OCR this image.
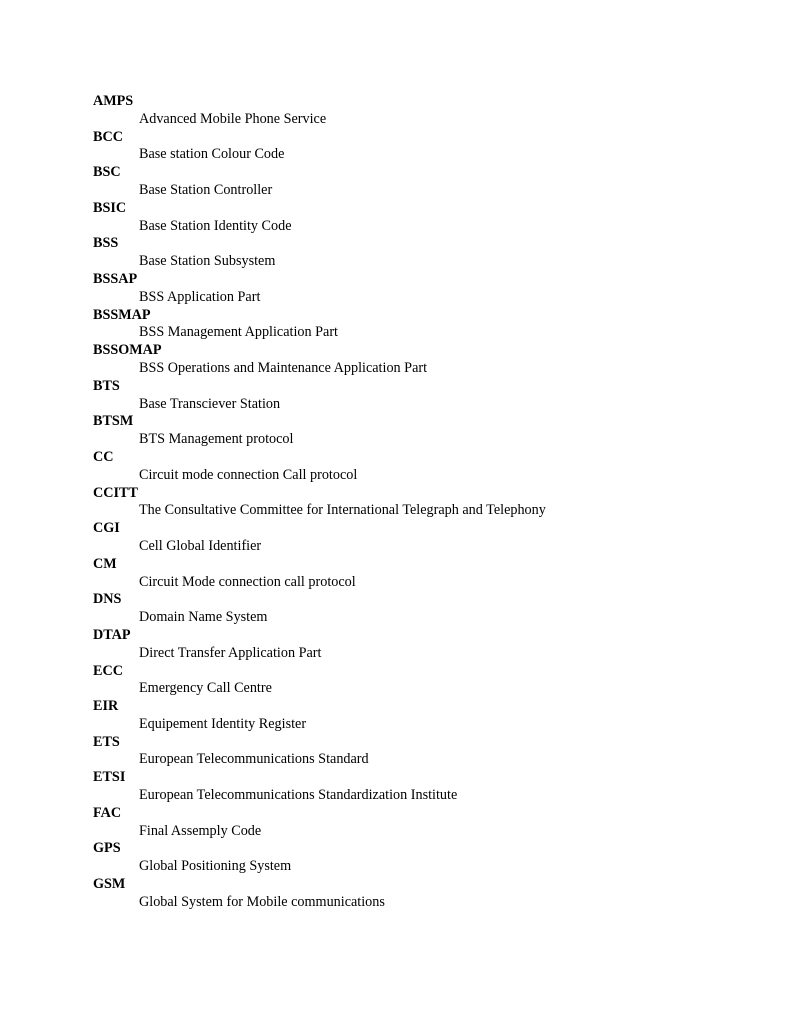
AMPS
Advanced Mobile Phone Service
BCC
Base station Colour Code
BSC
Base Station Controller
BSIC
Base Station Identity Code
BSS
Base Station Subsystem
BSSAP
BSS Application Part
BSSMAP
BSS Management Application Part
BSSOMAP
BSS Operations and Maintenance Application Part
BTS
Base Transciever Station
BTSM
BTS Management protocol
CC
Circuit mode connection Call protocol
CCITT
The Consultative Committee for International Telegraph and Telephony
CGI
Cell Global Identifier
CM
Circuit Mode connection call protocol
DNS
Domain Name System
DTAP
Direct Transfer Application Part
ECC
Emergency Call Centre
EIR
Equipement Identity Register
ETS
European Telecommunications Standard
ETSI
European Telecommunications Standardization Institute
FAC
Final Assemply Code
GPS
Global Positioning System
GSM
Global System for Mobile communications
